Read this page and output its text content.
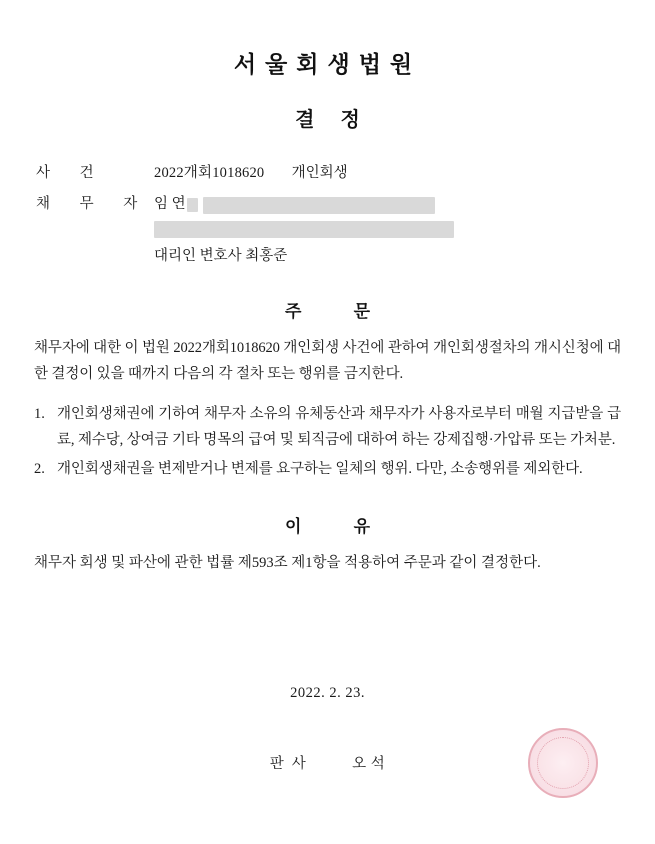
서울회생법원
결정
사 건	2022개회1018620 개인회생
채 무 자 임 연
대리인 변호사 최홍준
주 문
채무자에 대한 이 법원 2022개회1018620 개인회생 사건에 관하여 개인회생절차의 개시신청에 대한 결정이 있을 때까지 다음의 각 절차 또는 행위를 금지한다.
1. 개인회생채권에 기하여 채무자 소유의 유체동산과 채무자가 사용자로부터 매월 지급받을 급료, 제수당, 상여금 기타 명목의 급여 및 퇴직금에 대하여 하는 강제집행·가압류 또는 가처분.
2. 개인회생채권을 변제받거나 변제를 요구하는 일체의 행위. 다만, 소송행위를 제외한다.
이 유
채무자 회생 및 파산에 관한 법률 제593조 제1항을 적용하여 주문과 같이 결정한다.
2022. 2. 23.
판사	오 석
